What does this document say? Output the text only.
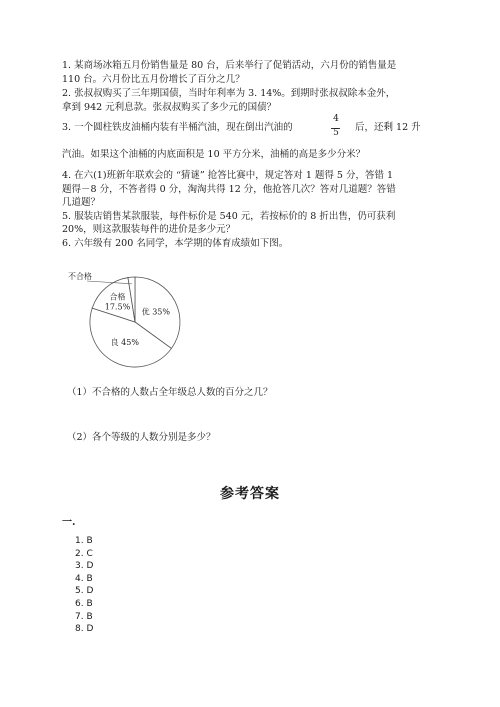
1. 某商场冰箱五月份销售量是 80 台，后来举行了促销活动，六月份的销售量是
110 台。六月份比五月份增长了百分之几？
2. 张叔叔购买了三年期国债，当时年利率为 3. 14%。到期时张叔叔除本金外，
拿到 942 元利息款。张叔叔购买了多少元的国债？
3. 一个圆柱铁皮油桶内装有半桶汽油，现在倒出汽油的
4
5	后，还剩 12 升
汽油。如果这个油桶的内底面积是 10 平方分米，油桶的高是多少分米？
4. 在六(1)班新年联欢会的 “猜谜” 抢答比赛中，规定答对 1 题得 5 分，答错 1
题得－8 分，不答者得 0 分，淘淘共得 12 分，他抢答几次？答对几道题？答错
几道题？
5. 服装店销售某款服装，每件标价是 540 元，若按标价的 8 折出售，仍可获利
20%，则这款服装每件的进价是多少元？
6. 六年级有 200 名同学，本学期的体育成绩如下图。
优 35%
良 45%
合格
17.5%
不合格
（1）不合格的人数占全年级总人数的百分之几？
（2）各个等级的人数分别是多少？
参考答案
一.
1. B
2. C
3. D
4. B
5. D
6. B
7. B
8. D
